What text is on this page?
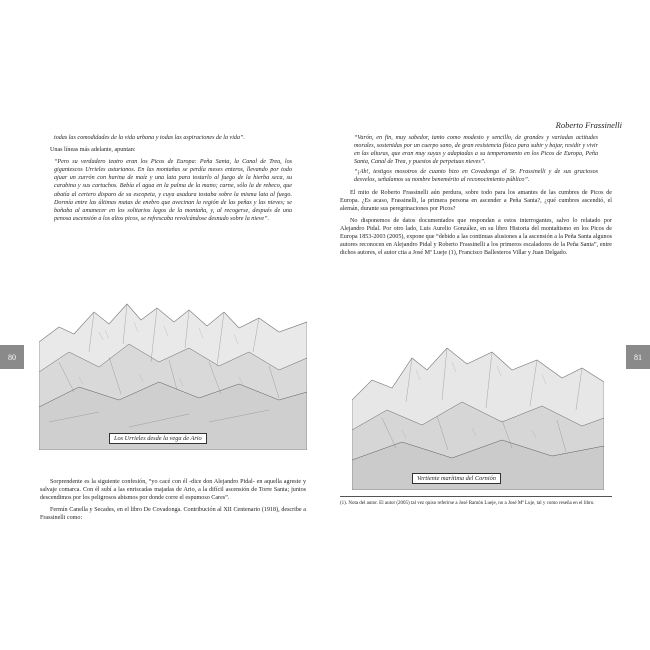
todas las comodidades de la vida urbana y todas las aspiraciones de la vida”.

Unas líneas más adelante, apuntan:

“Pero su verdadero teatro eran los Picos de Europa: Peña Santa, la Canal de Trea, los gigantescos Urrieles asturianos. En las montañas se perdía meses enteros, llevando por todo ajuar un zurrón con harina de maíz y una lata para tostarlo al fuego de la hierba seca, su carabina y sus cartuchos. Bebía el agua en la palma de la mano; carne, sólo la de rebeco, que abatía al certero disparo de su escopeta, y cuya asadura tostaba sobre la misma lata al fuego. Dormía entre las últimas matas de enebro que avecinan la región de las peñas y las nieves; se bañaba al amanecer en los solitarios lagos de la montaña, y, al recogerse, después de una penosa ascensión a los altos picos, se refrescaba revolcándose desnudo sobre la nieve”.

Los Urrieles desde la vega de Ario

Sorprendente es la siguiente confesión, “yo cacé con él -dice don Alejandro Pidal- en aquella agreste y salvaje comarca. Con él subí a las enriscadas majadas de Ario, a la difícil ascensión de Torre Santa; juntos descendimos por los peligrosos abismos por donde corre el espumoso Cares”.

Fermín Canella y Secades, en el libro De Covadonga. Contribución al XII Centenario (1918), describe a Frassinelli como:

80
Roberto Frassinelli

“Varón, en fin, muy sabedor, tanto como modesto y sencillo, de grandes y variadas actitudes morales, sostenidas por un cuerpo sano, de gran resistencia física para subir y bajar, residir y vivir en las alturas, que eran muy suyas y adaptadas a su temperamento en los Picos de Europa, Peña Santa, Canal de Trea, y puestos de perpetuas nieves”.

“¡Ah!, testigos mosotros de cuanto hizo en Covadonga el Sr. Frassinelli y de sus graciosos desvelos, señalamos su nombre benemérito al reconocimiento público”.

El mito de Roberto Frassinelli aún perdura, sobre todo para los amantes de las cumbres de Picos de Europa. ¿Es acaso, Frassinelli, la primera persona en ascender a Peña Santa?, ¿qué cumbres ascendió, el alemán, durante sus peregrinaciones por Picos?

No disponemos de datos documentados que respondan a estos interrogantes, salvo lo relatado por Alejandro Pidal. Por otro lado, Luis Aurelio González, en su libro Historia del montañismo en los Picos de Europa 1853-2003 (2005), expone que “debido a las continuas alusiones a la ascensión a la Peña Santa algunos autores reconocen en Alejandro Pidal y Roberto Frassinelli a los primeros escaladores de la Peña Santa”, entre dichos autores, el autor cita a José Mª Lueje (1), Francisco Ballesteros Villar y Juan Delgado.

Vertiente marítima del Cornión
(1). Nota del autor. El autor (2005) tal vez quiso referirse a José Ramón Lueje, no a José Mª Luje, tal y como reseña en el libro.
81
